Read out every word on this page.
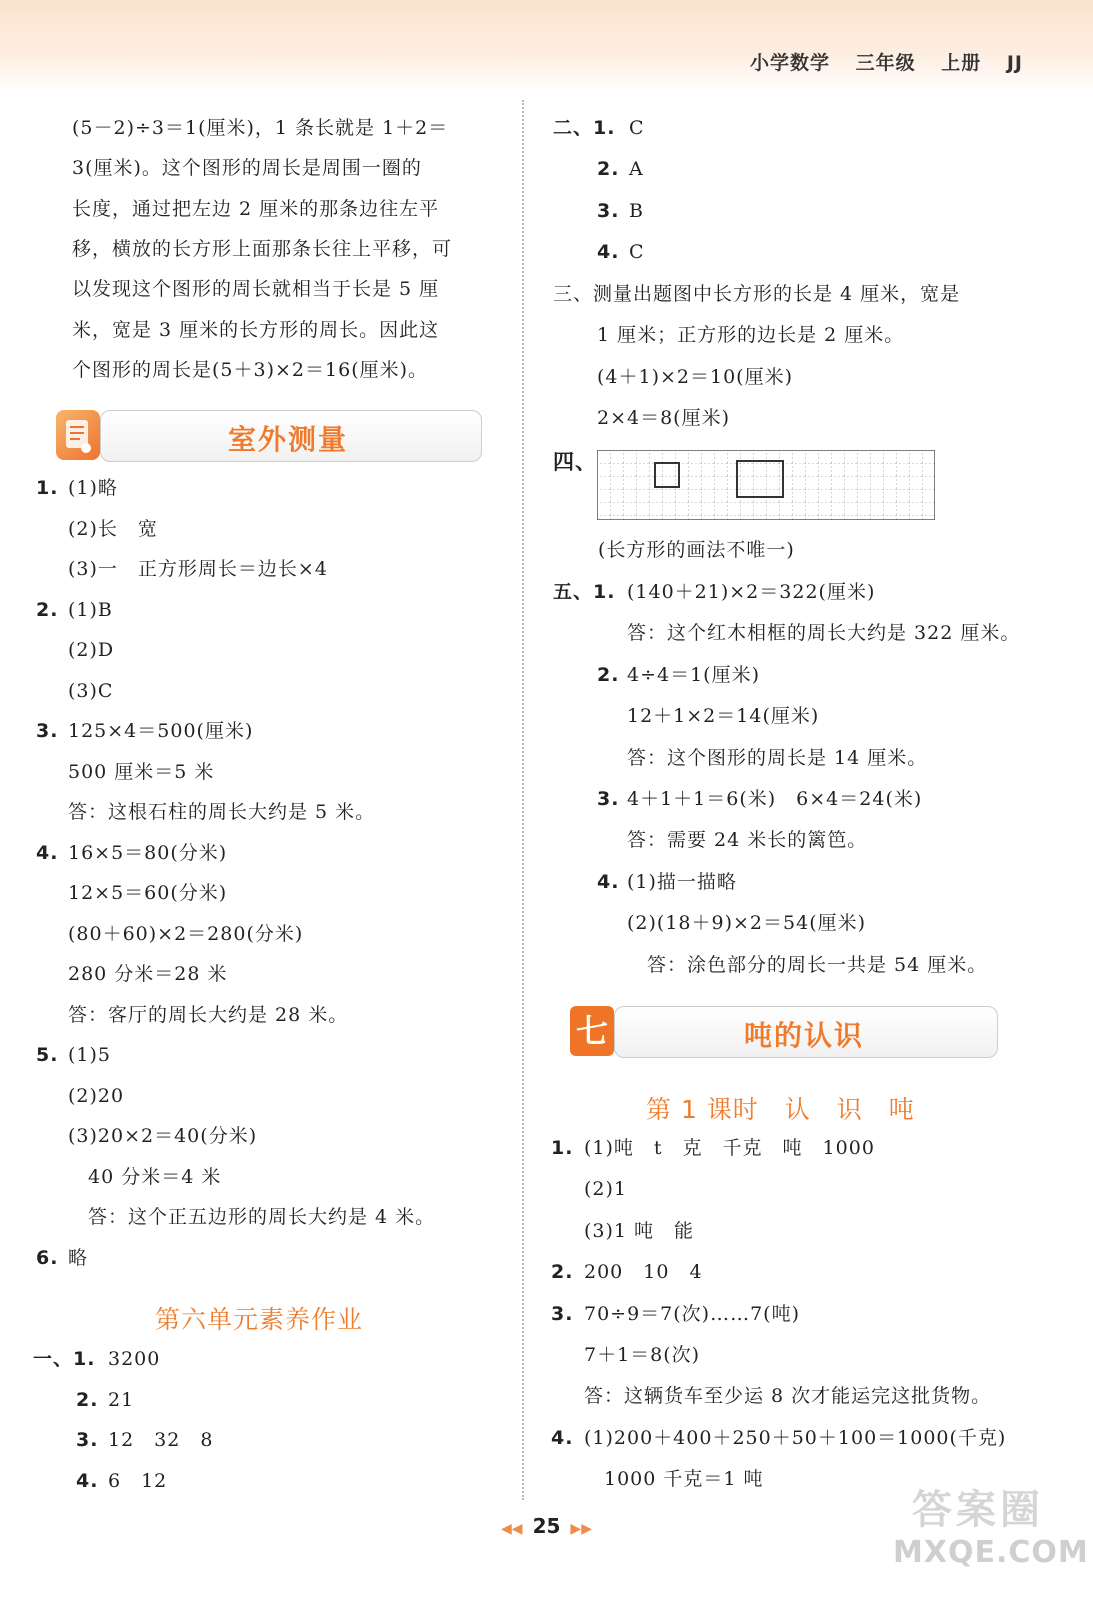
小学数学 三年级 上册 JJ
(5－2)÷3＝1(厘米)，1 条长就是 1＋2＝
3(厘米)。这个图形的周长是周围一圈的
长度，通过把左边 2 厘米的那条边往左平
移，横放的长方形上面那条长往上平移，可
以发现这个图形的周长就相当于长是 5 厘
米，宽是 3 厘米的长方形的周长。因此这
个图形的周长是(5＋3)×2＝16(厘米)。
室外测量
1. (1)略
(2)长　宽
(3)一　正方形周长＝边长×4
2. (1)B
(2)D
(3)C
3. 125×4＝500(厘米)
500 厘米＝5 米
答：这根石柱的周长大约是 5 米。
4. 16×5＝80(分米)
12×5＝60(分米)
(80＋60)×2＝280(分米)
280 分米＝28 米
答：客厅的周长大约是 28 米。
5. (1)5
(2)20
(3)20×2＝40(分米)
　40 分米＝4 米
　答：这个正五边形的周长大约是 4 米。
6. 略
第六单元素养作业
一、1. 3200
2. 21
3. 12　32　8
4. 6　12
二、1. C
2. A
3. B
4. C
三、测量出题图中长方形的长是 4 厘米，宽是
1 厘米；正方形的边长是 2 厘米。
(4＋1)×2＝10(厘米)
2×4＝8(厘米)
四、
(长方形的画法不唯一)
五、1. (140＋21)×2＝322(厘米)
答：这个红木相框的周长大约是 322 厘米。
2. 4÷4＝1(厘米)
12＋1×2＝14(厘米)
答：这个图形的周长是 14 厘米。
3. 4＋1＋1＝6(米)　6×4＝24(米)
答：需要 24 米长的篱笆。
4. (1)描一描略
(2)(18＋9)×2＝54(厘米)
　答：涂色部分的周长一共是 54 厘米。
七	吨的认识
第 1 课时　认　识　吨
1. (1)吨　t　克　千克　吨　1000
(2)1
(3)1 吨　能
2. 200　10　4
3. 70÷9＝7(次)……7(吨)
7＋1＝8(次)
答：这辆货车至少运 8 次才能运完这批货物。
4. (1)200＋400＋250＋50＋100＝1000(千克)
　1000 千克＝1 吨
◀◀ 25 ▶▶	答案圈
MXQE.COM
